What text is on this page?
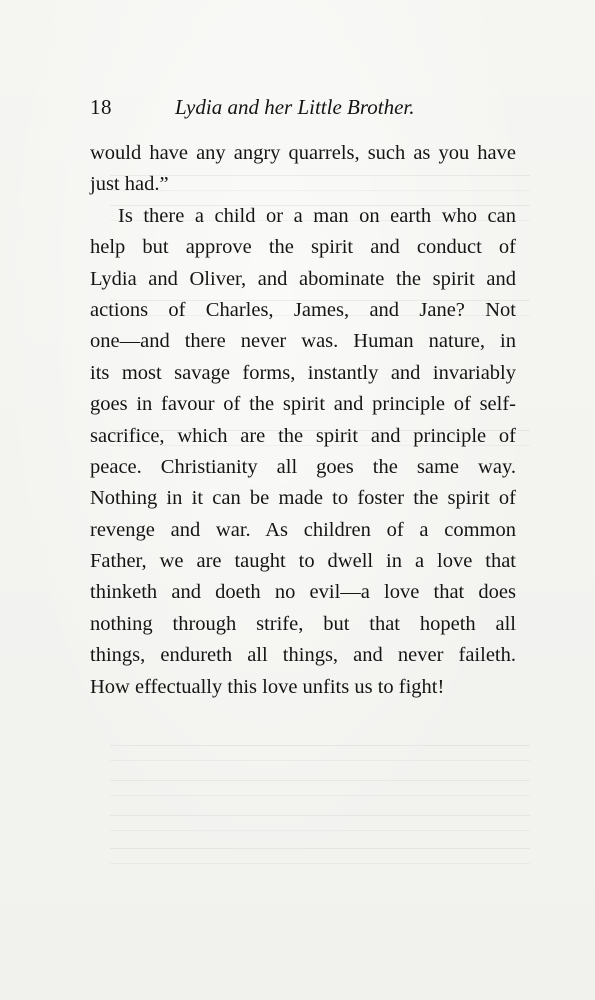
18	Lydia and her Little Brother.
would have any angry quarrels, such as you have
just had.”
Is there a child or a man on earth who can
help but approve the spirit and conduct of
Lydia and Oliver, and abominate the spirit and
actions of Charles, James, and Jane? Not
one—and there never was. Human nature, in
its most savage forms, instantly and invariably
goes in favour of the spirit and principle of self-
sacrifice, which are the spirit and principle of
peace. Christianity all goes the same way.
Nothing in it can be made to foster the spirit of
revenge and war. As children of a common
Father, we are taught to dwell in a love that
thinketh and doeth no evil—a love that does
nothing through strife, but that hopeth all
things, endureth all things, and never faileth.
How effectually this love unfits us to fight!
